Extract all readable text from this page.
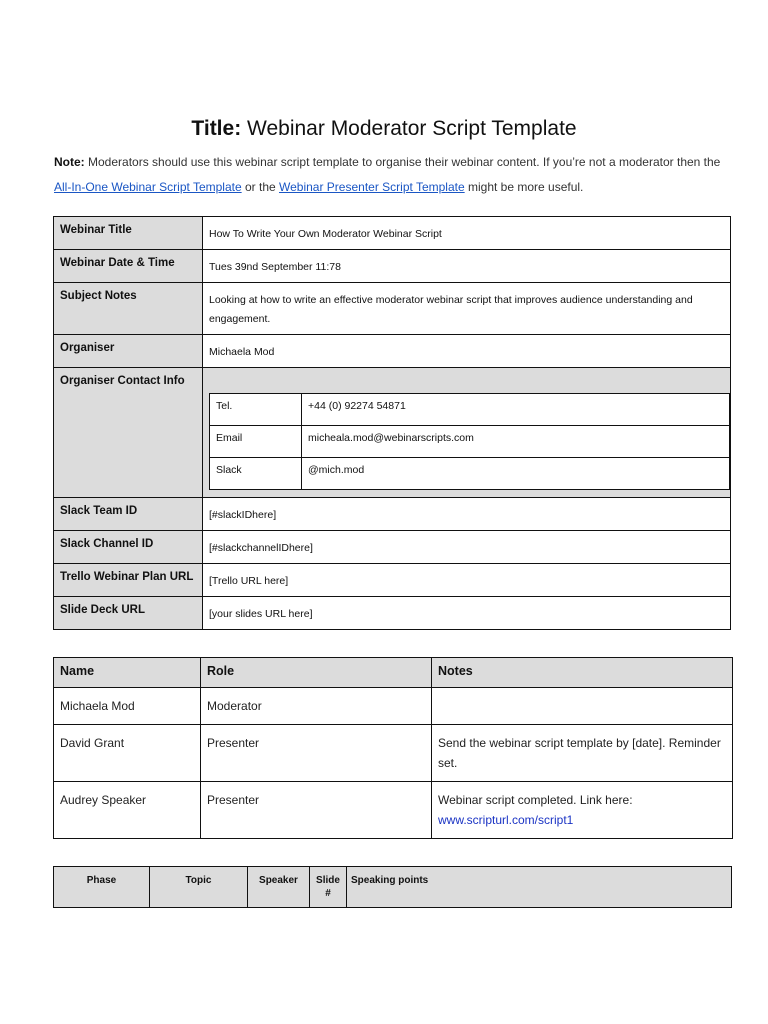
Title: Webinar Moderator Script Template
Note: Moderators should use this webinar script template to organise their webinar content. If you’re not a moderator then the All-In-One Webinar Script Template or the Webinar Presenter Script Template might be more useful.
Webinar Title	How To Write Your Own Moderator Webinar Script
Webinar Date & Time	Tues 39nd September 11:78
Subject Notes	Looking at how to write an effective moderator webinar script that improves audience understanding and engagement.
Organiser	Michaela Mod
Organiser Contact Info	
Tel.	+44 (0) 92274 54871
Email	micheala.mod@webinarscripts.com
Slack	@mich.mod

Slack Team ID	[#slackIDhere]
Slack Channel ID	[#slackchannelIDhere]
Trello Webinar Plan URL	[Trello URL here]
Slide Deck URL	[your slides URL here]
Name	Role	Notes
Michaela Mod	Moderator	
David Grant	Presenter	Send the webinar script template by [date]. Reminder set.
Audrey Speaker	Presenter	Webinar script completed. Link here:
www.scripturl.com/script1
Phase	Topic	Speaker	Slide #	Speaking points
